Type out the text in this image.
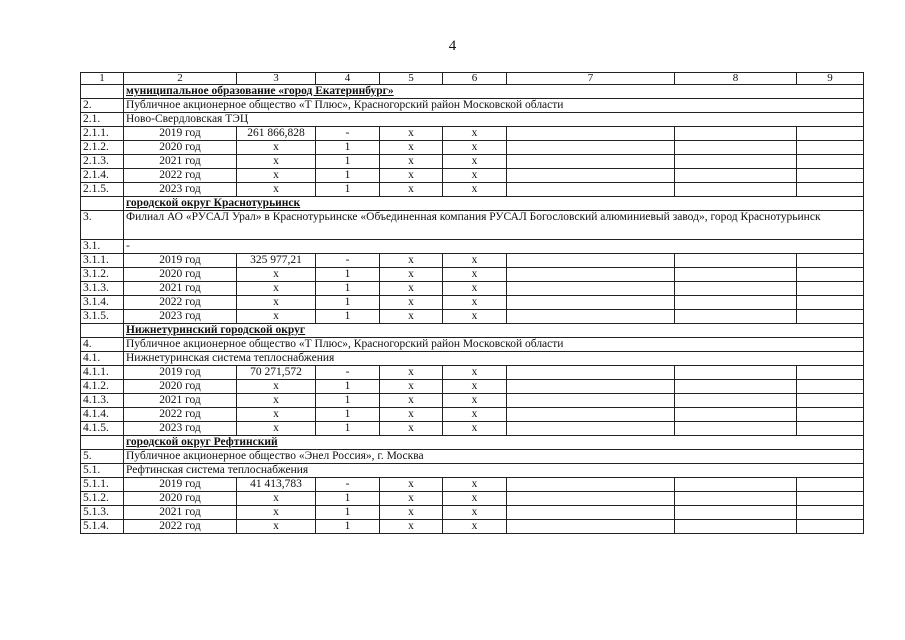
4
1	2	3	4	5	6	7	8	9
	муниципальное образование «город Екатеринбург»							
2.	Публичное акционерное общество «Т Плюс», Красногорский район Московской области							
2.1.	Ново-Свердловская ТЭЦ							
2.1.1.	2019 год	261 866,828	-	х	х			
2.1.2.	2020 год	х	1	х	х			
2.1.3.	2021 год	х	1	х	х			
2.1.4.	2022 год	х	1	х	х			
2.1.5.	2023 год	х	1	х	х			
	городской округ Краснотурьинск							
3.	Филиал АО «РУСАЛ Урал» в Краснотурьинске «Объединенная компания РУСАЛ Богословский алюминиевый завод», город Краснотурьинск							
3.1.	-							
3.1.1.	2019 год	325 977,21	-	х	х			
3.1.2.	2020 год	х	1	х	х			
3.1.3.	2021 год	х	1	х	х			
3.1.4.	2022 год	х	1	х	х			
3.1.5.	2023 год	х	1	х	х			
	Нижнетуринский городской округ							
4.	Публичное акционерное общество «Т Плюс», Красногорский район Московской области							
4.1.	Нижнетуринская система теплоснабжения							
4.1.1.	2019 год	70 271,572	-	х	х			
4.1.2.	2020 год	х	1	х	х			
4.1.3.	2021 год	х	1	х	х			
4.1.4.	2022 год	х	1	х	х			
4.1.5.	2023 год	х	1	х	х			
	городской округ Рефтинский							
5.	Публичное акционерное общество «Энел Россия», г. Москва							
5.1.	Рефтинская система теплоснабжения							
5.1.1.	2019 год	41 413,783	-	х	х			
5.1.2.	2020 год	х	1	х	х			
5.1.3.	2021 год	х	1	х	х			
5.1.4.	2022 год	х	1	х	х			
